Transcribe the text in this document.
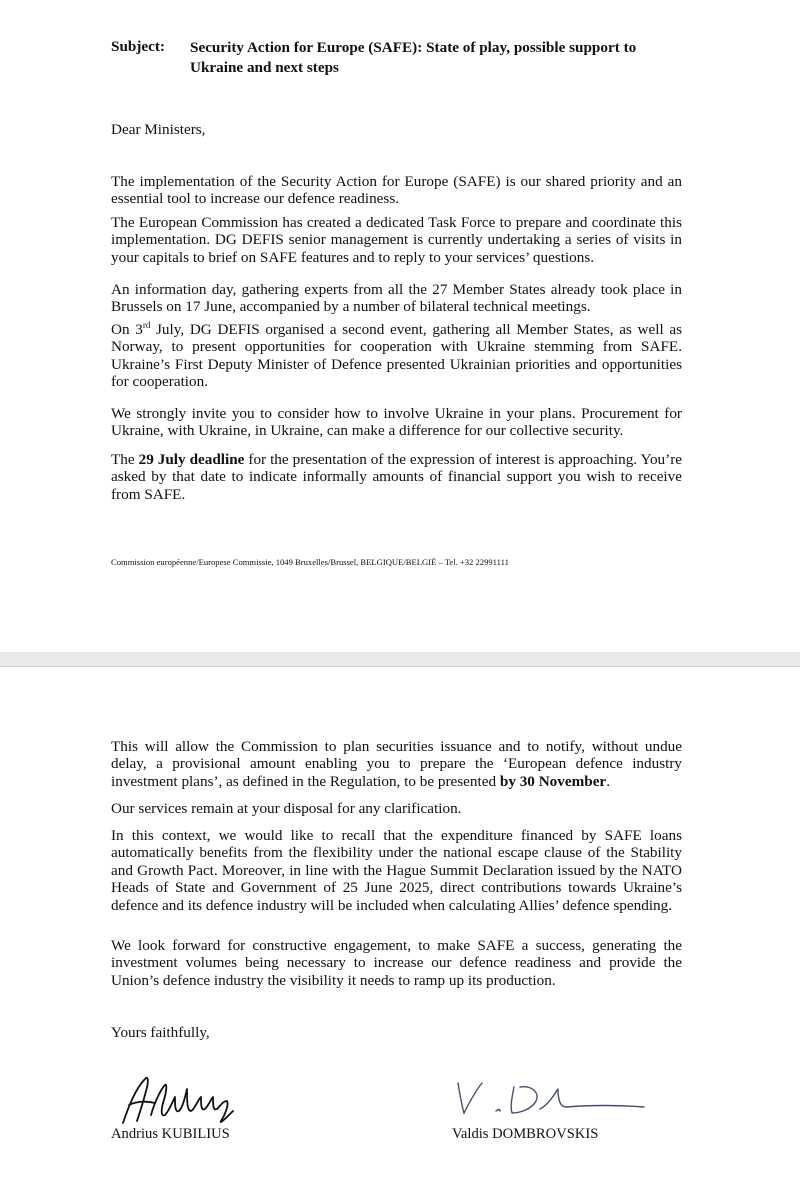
Subject: Security Action for Europe (SAFE): State of play, possible support to Ukraine and next steps

Dear Ministers,

The implementation of the Security Action for Europe (SAFE) is our shared priority and an essential tool to increase our defence readiness.

The European Commission has created a dedicated Task Force to prepare and coordinate this implementation. DG DEFIS senior management is currently undertaking a series of visits in your capitals to brief on SAFE features and to reply to your services’ questions.

An information day, gathering experts from all the 27 Member States already took place in Brussels on 17 June, accompanied by a number of bilateral technical meetings.

On 3rd July, DG DEFIS organised a second event, gathering all Member States, as well as Norway, to present opportunities for cooperation with Ukraine stemming from SAFE. Ukraine’s First Deputy Minister of Defence presented Ukrainian priorities and opportunities for cooperation.

We strongly invite you to consider how to involve Ukraine in your plans. Procurement for Ukraine, with Ukraine, in Ukraine, can make a difference for our collective security.

The 29 July deadline for the presentation of the expression of interest is approaching. You’re asked by that date to indicate informally amounts of financial support you wish to receive from SAFE.

Commission européenne/Europese Commissie, 1049 Bruxelles/Brussel, BELGIQUE/BELGIË – Tel. +32 22991111

This will allow the Commission to plan securities issuance and to notify, without undue delay, a provisional amount enabling you to prepare the ‘European defence industry investment plans’, as defined in the Regulation, to be presented by 30 November.

Our services remain at your disposal for any clarification.

In this context, we would like to recall that the expenditure financed by SAFE loans automatically benefits from the flexibility under the national escape clause of the Stability and Growth Pact. Moreover, in line with the Hague Summit Declaration issued by the NATO Heads of State and Government of 25 June 2025, direct contributions towards Ukraine’s defence and its defence industry will be included when calculating Allies’ defence spending.

We look forward for constructive engagement, to make SAFE a success, generating the investment volumes being necessary to increase our defence readiness and provide the Union’s defence industry the visibility it needs to ramp up its production.

Yours faithfully,

Andrius KUBILIUS	Valdis DOMBROVSKIS
